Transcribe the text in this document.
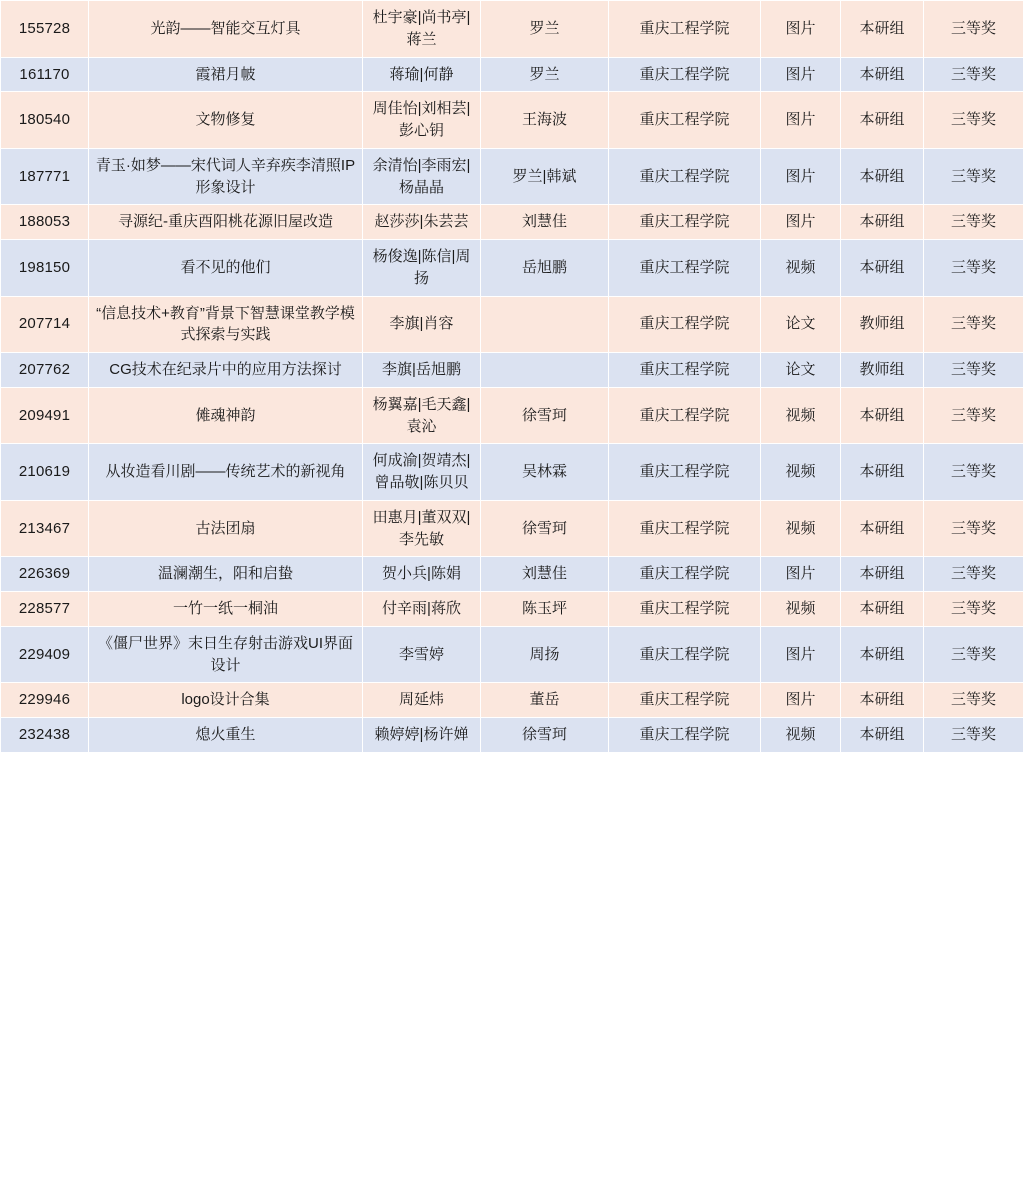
155728	光韵——智能交互灯具	杜宇豪|尚书亭|蒋兰	罗兰	重庆工程学院	图片	本研组	三等奖
161170	霞裙月帔	蒋瑜|何静	罗兰	重庆工程学院	图片	本研组	三等奖
180540	文物修复	周佳怡|刘相芸|彭心钥	王海波	重庆工程学院	图片	本研组	三等奖
187771	青玉·如梦——宋代词人辛弃疾李清照IP形象设计	余清怡|李雨宏|杨晶晶	罗兰|韩斌	重庆工程学院	图片	本研组	三等奖
188053	寻源纪-重庆酉阳桃花源旧屋改造	赵莎莎|朱芸芸	刘慧佳	重庆工程学院	图片	本研组	三等奖
198150	看不见的他们	杨俊逸|陈信|周扬	岳旭鹏	重庆工程学院	视频	本研组	三等奖
207714	“信息技术+教育”背景下智慧课堂教学模式探索与实践	李旗|肖容		重庆工程学院	论文	教师组	三等奖
207762	CG技术在纪录片中的应用方法探讨	李旗|岳旭鹏		重庆工程学院	论文	教师组	三等奖
209491	傩魂神韵	杨翼嘉|毛天鑫|袁沁	徐雪珂	重庆工程学院	视频	本研组	三等奖
210619	从妆造看川剧——传统艺术的新视角	何成渝|贺靖杰|曾品敬|陈贝贝	吴林霖	重庆工程学院	视频	本研组	三等奖
213467	古法团扇	田惠月|董双双|李先敏	徐雪珂	重庆工程学院	视频	本研组	三等奖
226369	温澜潮生，阳和启蛰	贺小兵|陈娟	刘慧佳	重庆工程学院	图片	本研组	三等奖
228577	一竹一纸一桐油	付辛雨|蒋欣	陈玉坪	重庆工程学院	视频	本研组	三等奖
229409	《僵尸世界》末日生存射击游戏UI界面设计	李雪婷	周扬	重庆工程学院	图片	本研组	三等奖
229946	logo设计合集	周延炜	董岳	重庆工程学院	图片	本研组	三等奖
232438	熄火重生	赖婷婷|杨许婵	徐雪珂	重庆工程学院	视频	本研组	三等奖
